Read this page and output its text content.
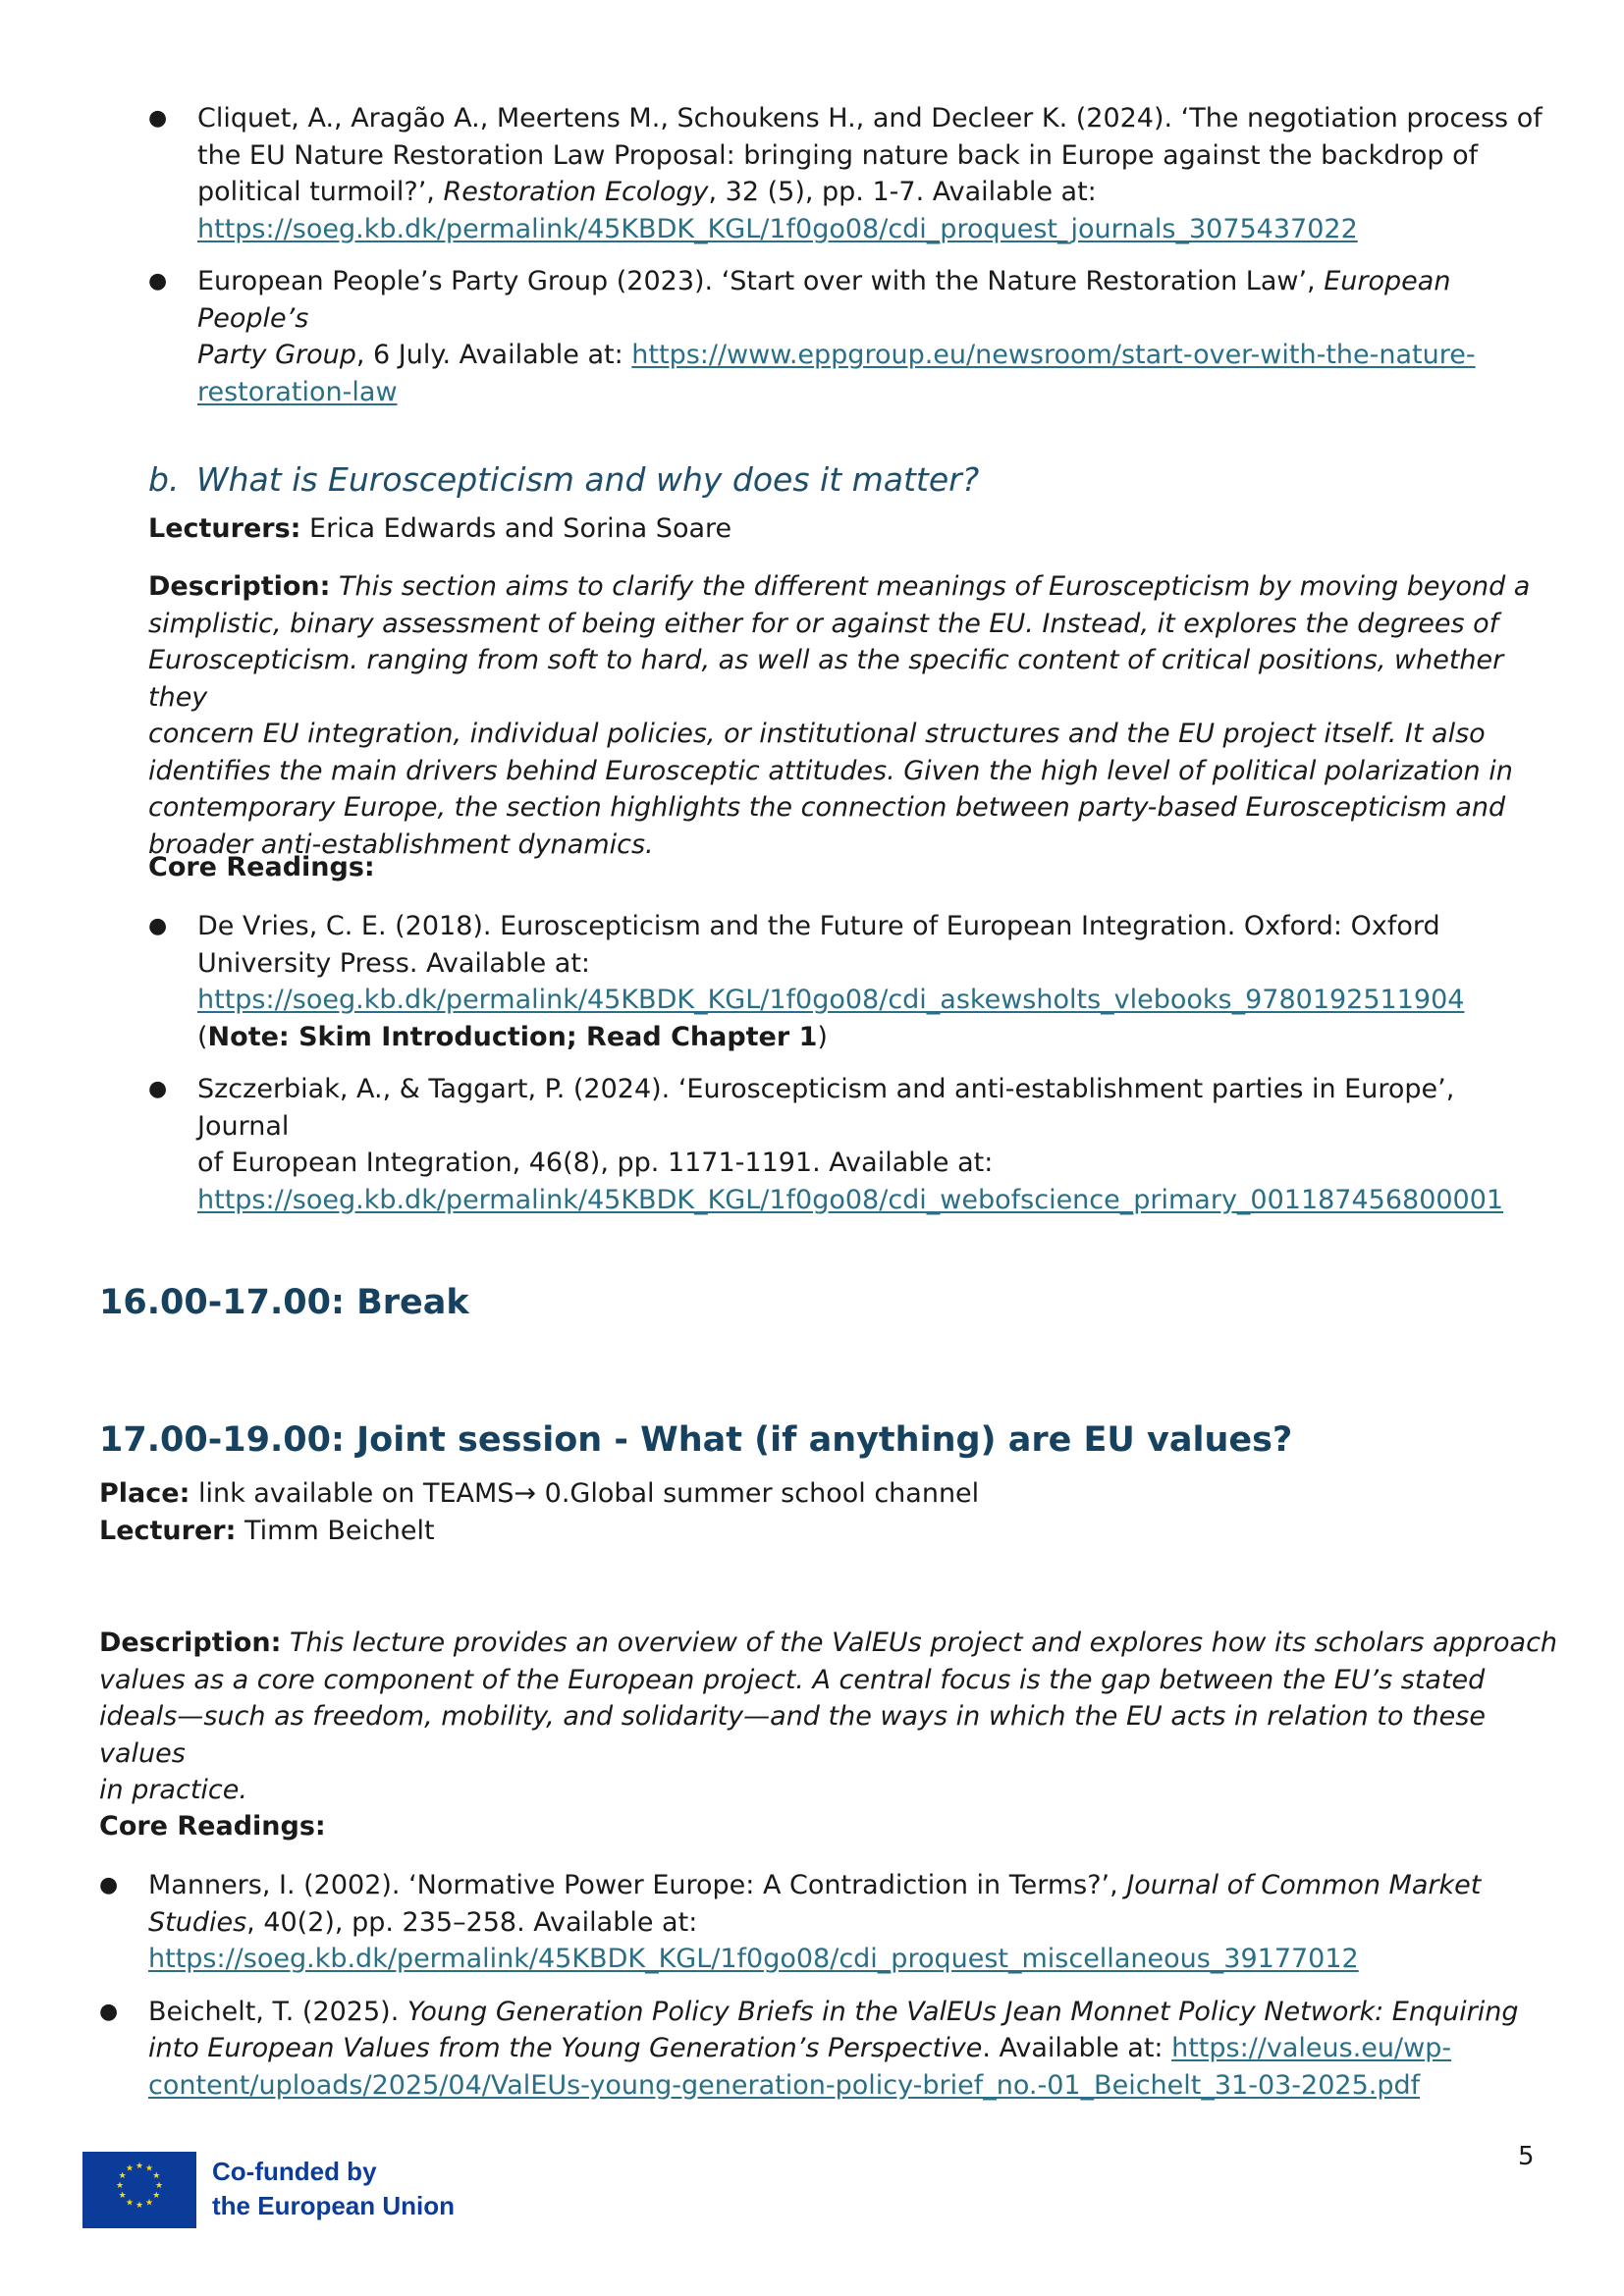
● Cliquet, A., Aragão A., Meertens M., Schoukens H., and Decleer K. (2024). ‘The negotiation process of
the EU Nature Restoration Law Proposal: bringing nature back in Europe against the backdrop of
political turmoil?’, Restoration Ecology, 32 (5), pp. 1-7. Available at:
https://soeg.kb.dk/permalink/45KBDK_KGL/1f0go08/cdi_proquest_journals_3075437022
● European People’s Party Group (2023). ‘Start over with the Nature Restoration Law’, European People’s
Party Group, 6 July. Available at: https://www.eppgroup.eu/newsroom/start-over-with-the-nature-
restoration-law
b. What is Euroscepticism and why does it matter?
Lecturers: Erica Edwards and Sorina Soare
Description: This section aims to clarify the different meanings of Euroscepticism by moving beyond a
simplistic, binary assessment of being either for or against the EU. Instead, it explores the degrees of
Euroscepticism. ranging from soft to hard, as well as the specific content of critical positions, whether they
concern EU integration, individual policies, or institutional structures and the EU project itself. It also
identifies the main drivers behind Eurosceptic attitudes. Given the high level of political polarization in
contemporary Europe, the section highlights the connection between party-based Euroscepticism and
broader anti-establishment dynamics.
Core Readings:
● De Vries, C. E. (2018). Euroscepticism and the Future of European Integration. Oxford: Oxford
University Press. Available at:
https://soeg.kb.dk/permalink/45KBDK_KGL/1f0go08/cdi_askewsholts_vlebooks_9780192511904
(Note: Skim Introduction; Read Chapter 1)
● Szczerbiak, A., & Taggart, P. (2024). ‘Euroscepticism and anti-establishment parties in Europe’, Journal
of European Integration, 46(8), pp. 1171-1191. Available at:
https://soeg.kb.dk/permalink/45KBDK_KGL/1f0go08/cdi_webofscience_primary_001187456800001
16.00-17.00: Break
17.00-19.00: Joint session - What (if anything) are EU values?
Place: link available on TEAMS→ 0.Global summer school channel
Lecturer: Timm Beichelt
Description: This lecture provides an overview of the ValEUs project and explores how its scholars approach
values as a core component of the European project. A central focus is the gap between the EU’s stated
ideals—such as freedom, mobility, and solidarity—and the ways in which the EU acts in relation to these values
in practice.
Core Readings:
● Manners, I. (2002). ‘Normative Power Europe: A Contradiction in Terms?’, Journal of Common Market
Studies, 40(2), pp. 235–258. Available at:
https://soeg.kb.dk/permalink/45KBDK_KGL/1f0go08/cdi_proquest_miscellaneous_39177012
● Beichelt, T. (2025). Young Generation Policy Briefs in the ValEUs Jean Monnet Policy Network: Enquiring
into European Values from the Young Generation’s Perspective. Available at: https://valeus.eu/wp-
content/uploads/2025/04/ValEUs-young-generation-policy-brief_no.-01_Beichelt_31-03-2025.pdf
★ ★
★
★
★
★
★
★
★
★
★
★	Co-funded by
the European Union
5
